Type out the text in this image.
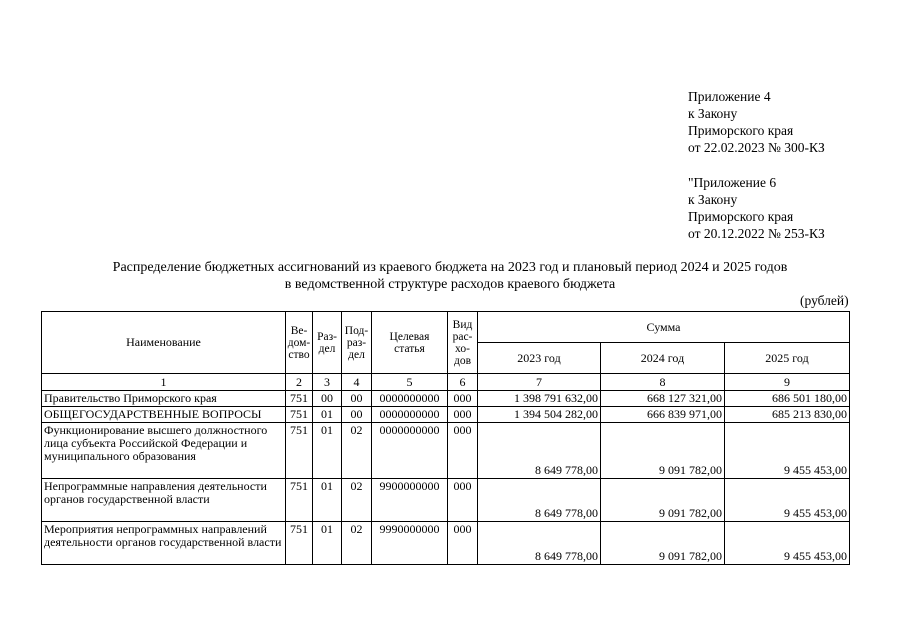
Приложение 4
к Закону
Приморского края
от 22.02.2023 № 300-КЗ
"Приложение 6
к Закону
Приморского края
от 20.12.2022 № 253-КЗ
Распределение бюджетных ассигнований из краевого бюджета на 2023 год и плановый период 2024 и 2025 годов
в ведомственной структуре расходов краевого бюджета
(рублей)
Наименование	Ве-дом-ство	Раз-дел	Под-раз-дел	Целевая статья	Вид рас-хо-дов	Сумма		
						2023 год	2024 год	2025 год
1	2	3	4	5	6	7	8	9
Правительство Приморского края	751	00	00	0000000000	000	1 398 791 632,00	668 127 321,00	686 501 180,00
ОБЩЕГОСУДАРСТВЕННЫЕ ВОПРОСЫ	751	01	00	0000000000	000	1 394 504 282,00	666 839 971,00	685 213 830,00
Функционирование высшего должностного лица субъекта Российской Федерации и муниципального образования	751	01	02	0000000000	000	8 649 778,00	9 091 782,00	9 455 453,00
Непрограммные направления деятельности органов государственной власти	751	01	02	9900000000	000	8 649 778,00	9 091 782,00	9 455 453,00
Мероприятия непрограммных направлений деятельности органов государственной власти	751	01	02	9990000000	000	8 649 778,00	9 091 782,00	9 455 453,00
